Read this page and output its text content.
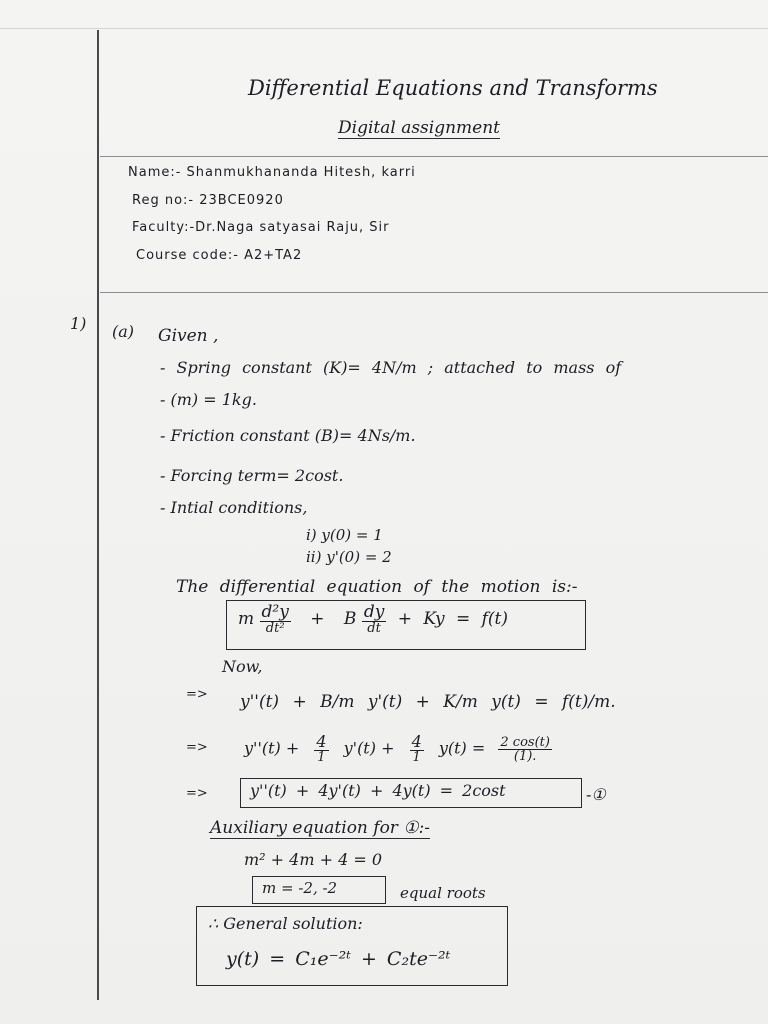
Differential Equations and Transforms
Digital assignment
Name:- Shanmukhananda Hitesh, karri
Reg no:- 23BCE0920
Faculty:-Dr.Naga satyasai Raju, Sir
Course code:- A2+TA2
1) (a) Given ,
- Spring constant (K)= 4N/m ; attached to mass of
- (m) = 1kg.
- Friction constant (B)= 4Ns/m.
- Forcing term= 2cost.
- Intial conditions,
i) y(0) = 1
ii) y'(0) = 2
The differential equation of the motion is:-
m $\frac{\text{d²y}}{\text{dt²}} + B \frac{dy}{dt} + Ky = f(t)$
Now,
=> y''(t) + B/m y'(t) + K/m y(t) = f(t)/m.
=> $y''(t) + \frac{4}{1} y'(t) + \frac{4}{1} y(t) = \frac{2 \cos(t)}{(1).}$
=>	y''(t) + 4y'(t) + 4y(t) = 2cost	-①
Auxiliary equation for ①:-
m² + 4m + 4 = 0
m = -2, -2	equal roots
∴ General solution:
y(t) = C₁e⁻²ᵗ + C₂te⁻²ᵗ
